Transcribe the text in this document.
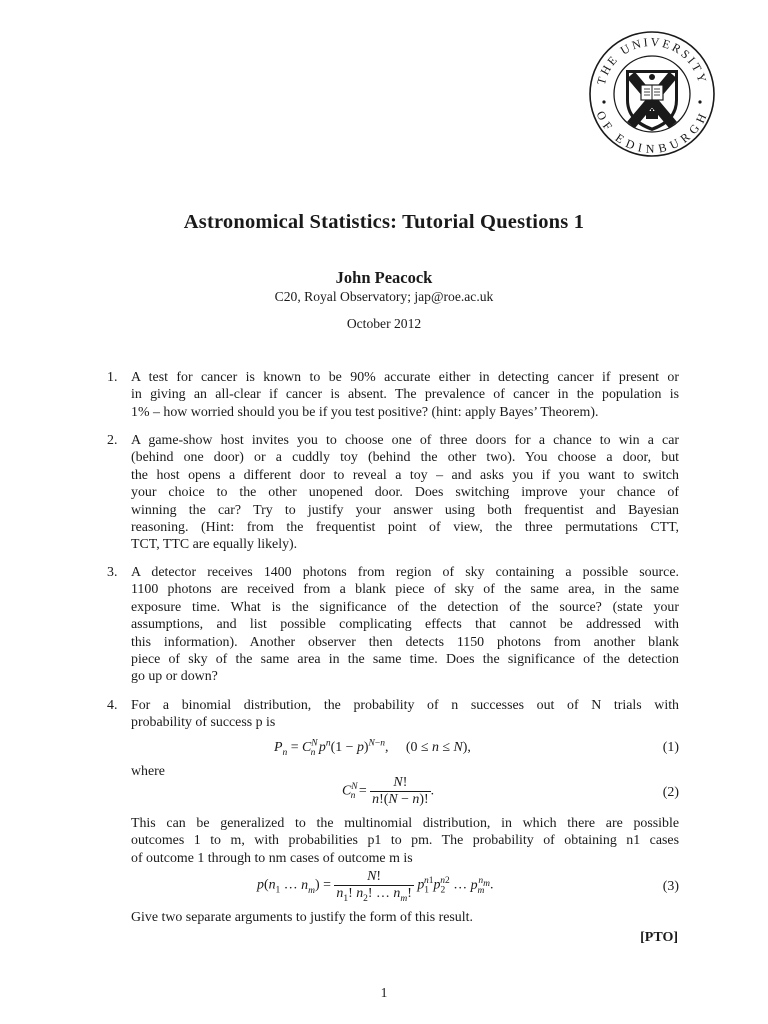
THE UNIVERSITY
OF EDINBURGH
Astronomical Statistics: Tutorial Questions 1
John Peacock
C20, Royal Observatory; jap@roe.ac.uk
October 2012
1. A test for cancer is known to be 90% accurate either in detecting cancer if present or
in giving an all-clear if cancer is absent. The prevalence of cancer in the population is
1% – how worried should you be if you test positive? (hint: apply Bayes’ Theorem).
2. A game-show host invites you to choose one of three doors for a chance to win a car
(behind one door) or a cuddly toy (behind the other two). You choose a door, but
the host opens a different door to reveal a toy – and asks you if you want to switch
your choice to the other unopened door. Does switching improve your chance of
winning the car? Try to justify your answer using both frequentist and Bayesian
reasoning. (Hint: from the frequentist point of view, the three permutations CTT,
TCT, TTC are equally likely).
3. A detector receives 1400 photons from region of sky containing a possible source.
1100 photons are received from a blank piece of sky of the same area, in the same
exposure time. What is the significance of the detection of the source? (state your
assumptions, and list possible complicating effects that cannot be addressed with
this information). Another observer then detects 1150 photons from another blank
piece of sky of the same area in the same time. Does the significance of the detection
go up or down?
4. For a binomial distribution, the probability of n successes out of N trials with
probability of success p is
$P_n = C^N_n$ $p^n(1 - p)^{N-n}$,     (0 ≤ n ≤ N),	(1)
where
$C^N_n = \frac{N!}{n!(N - n)!}$ .	(2)
This can be generalized to the multinomial distribution, in which there are possible
outcomes 1 to m, with probabilities p1 to pm. The probability of obtaining n1 cases
of outcome 1 through to nm cases of outcome m is
$p(n_1$ … $n_m) = \frac{N!}{n_1! n_2! \dots n_m!} p_1^{n1}p_2^{n2}$ … $p_m^{n_m}$.	(3)
Give two separate arguments to justify the form of this result.
[PTO]
1
